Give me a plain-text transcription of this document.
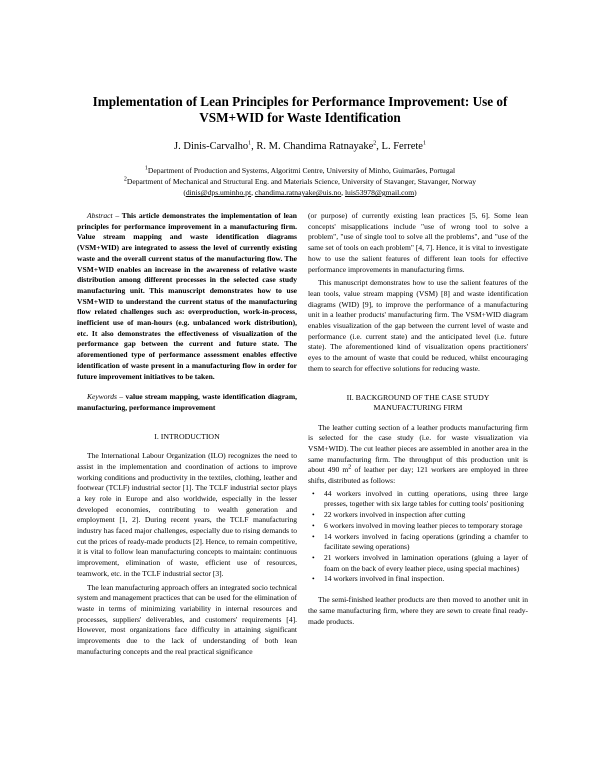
Implementation of Lean Principles for Performance Improvement: Use of VSM+WID for Waste Identification
J. Dinis-Carvalho$^1$, R. M. Chandima Ratnayake$^2$, L. Ferrete$^1$
$^1$Department of Production and Systems, Algoritmi Centre, University of Minho, Guimarães, Portugal
$^2$Department of Mechanical and Structural Eng. and Materials Science, University of Stavanger, Stavanger, Norway
(dinis@dps.uminho.pt, chandima.ratnayake@uis.no, luis53978@gmail.com)

Abstract – This article demonstrates the implementation of lean principles for performance improvement in a manufacturing firm. Value stream mapping and waste identification diagrams (VSM+WID) are integrated to assess the level of currently existing waste and the overall current status of the manufacturing flow. The VSM+WID enables an increase in the awareness of relative waste distribution among different processes in the selected case study manufacturing unit. This manuscript demonstrates how to use VSM+WID to understand the current status of the manufacturing flow related challenges such as: overproduction, work-in-process, inefficient use of man-hours (e.g. unbalanced work distribution), etc. It also demonstrates the effectiveness of visualization of the performance gap between the current and future state. The aforementioned type of performance assessment enables effective identification of waste present in a manufacturing flow in order for future improvement initiatives to be taken.

Keywords – value stream mapping, waste identification diagram, manufacturing, performance improvement

I. INTRODUCTION

The International Labour Organization (ILO) recognizes the need to assist in the implementation and coordination of actions to improve working conditions and productivity in the textiles, clothing, leather and footwear (TCLF) industrial sector [1]. The TCLF industrial sector plays a key role in Europe and also worldwide, especially in the lesser developed economies, contributing to wealth generation and employment [1, 2]. During recent years, the TCLF manufacturing industry has faced major challenges, especially due to rising demands to cut the prices of ready-made products [2]. Hence, to remain competitive, it is vital to follow lean manufacturing concepts to maintain: continuous improvement, elimination of waste, efficient use of resources, teamwork, etc. in the TCLF industrial sector [3].

The lean manufacturing approach offers an integrated socio technical system and management practices that can be used for the elimination of waste in terms of minimizing variability in internal resources and processes, suppliers' deliverables, and customers' requirements [4]. However, most organizations face difficulty in attaining significant improvements due to the lack of understanding of both lean manufacturing concepts and the real practical significance

(or purpose) of currently existing lean practices [5, 6]. Some lean concepts' misapplications include "use of wrong tool to solve a problem", "use of single tool to solve all the problems", and "use of the same set of tools on each problem" [4, 7]. Hence, it is vital to investigate how to use the salient features of different lean tools for effective performance improvements in manufacturing firms.

This manuscript demonstrates how to use the salient features of the lean tools, value stream mapping (VSM) [8] and waste identification diagrams (WID) [9], to improve the performance of a manufacturing unit in a leather products' manufacturing firm. The VSM+WID diagram enables visualization of the gap between the current level of waste and performance (i.e. current state) and the anticipated level (i.e. future state). The aforementioned kind of visualization opens practitioners' eyes to the amount of waste that could be reduced, whilst encouraging them to search for effective solutions for reducing waste.

II. BACKGROUND OF THE CASE STUDY
MANUFACTURING FIRM

The leather cutting section of a leather products manufacturing firm is selected for the case study (i.e. for waste visualization via VSM+WID). The cut leather pieces are assembled in another area in the same manufacturing firm. The throughput of this production unit is about 490 $m^2$ of leather per day; 121 workers are employed in three shifts, distributed as follows:

• 44 workers involved in cutting operations, using three large presses, together with six large tables for cutting tools' positioning
• 22 workers involved in inspection after cutting
• 6 workers involved in moving leather pieces to temporary storage
• 14 workers involved in facing operations (grinding a chamfer to facilitate sewing operations)
• 21 workers involved in lamination operations (gluing a layer of foam on the back of every leather piece, using special machines)
• 14 workers involved in final inspection.

The semi-finished leather products are then moved to another unit in the same manufacturing firm, where they are sewn to create final ready-made products.
